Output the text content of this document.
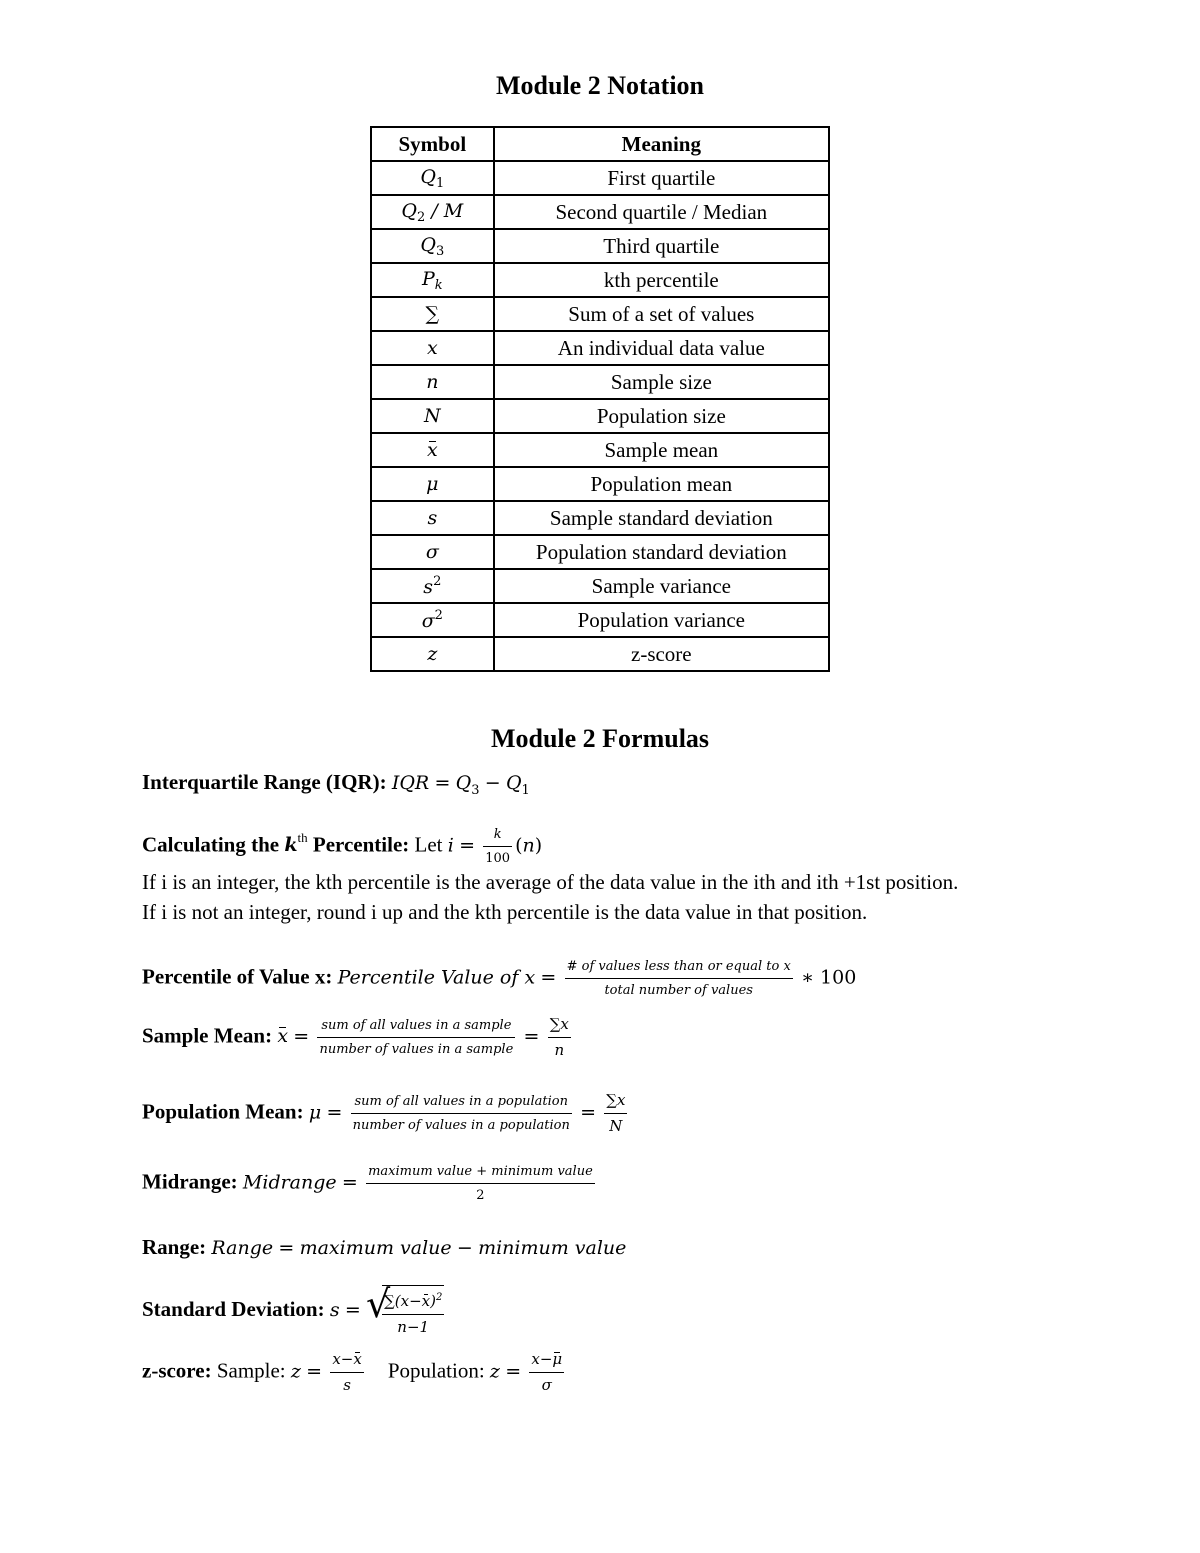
Module 2 Notation
Symbol	Meaning
$Q_1$	First quartile
$Q_2$ / M	Second quartile / Median
$Q_3$	Third quartile
$P_k$	kth percentile
∑	Sum of a set of values
x	An individual data value
n	Sample size
N	Population size
x	Sample mean
μ	Population mean
s	Sample standard deviation
σ	Population standard deviation
$s^2$	Sample variance
$\sigma^2$	Population variance
z	z-score
Module 2 Formulas
Interquartile Range (IQR): IQR = $Q_3 - Q_1$
Calculating the $k^{th}$ Percentile: Let $i = \frac{k}{100} (n)$
If i is an integer, the kth percentile is the average of the data value in the ith and ith +1st position.
If i is not an integer, round i up and the kth percentile is the data value in that position.
Percentile of Value x: Percentile Value of $x = \frac{\text{\# of values less than or equal to x}}{\text{total number of values}}$ ∗ 100
Sample Mean: $x = \frac{\text{sum of all values in a sample}}{\text{number of values in a sample}} = \frac{\sum x}{n}$
Population Mean: $\mu = \frac{\text{sum of all values in a population}}{\text{number of values in a population}} = \frac{\sum x}{N}$
Midrange: Midrange = $\frac{\text{maximum value + minimum value}}{2}$
Range: Range = maximum value − minimum value
Standard Deviation: s = √
$\frac{\sum(x-x)^2}{n-1}$
z-score: Sample: $z = \frac{x-x}{s}$ Population: $z = \frac{x-\mu}{\sigma}$
